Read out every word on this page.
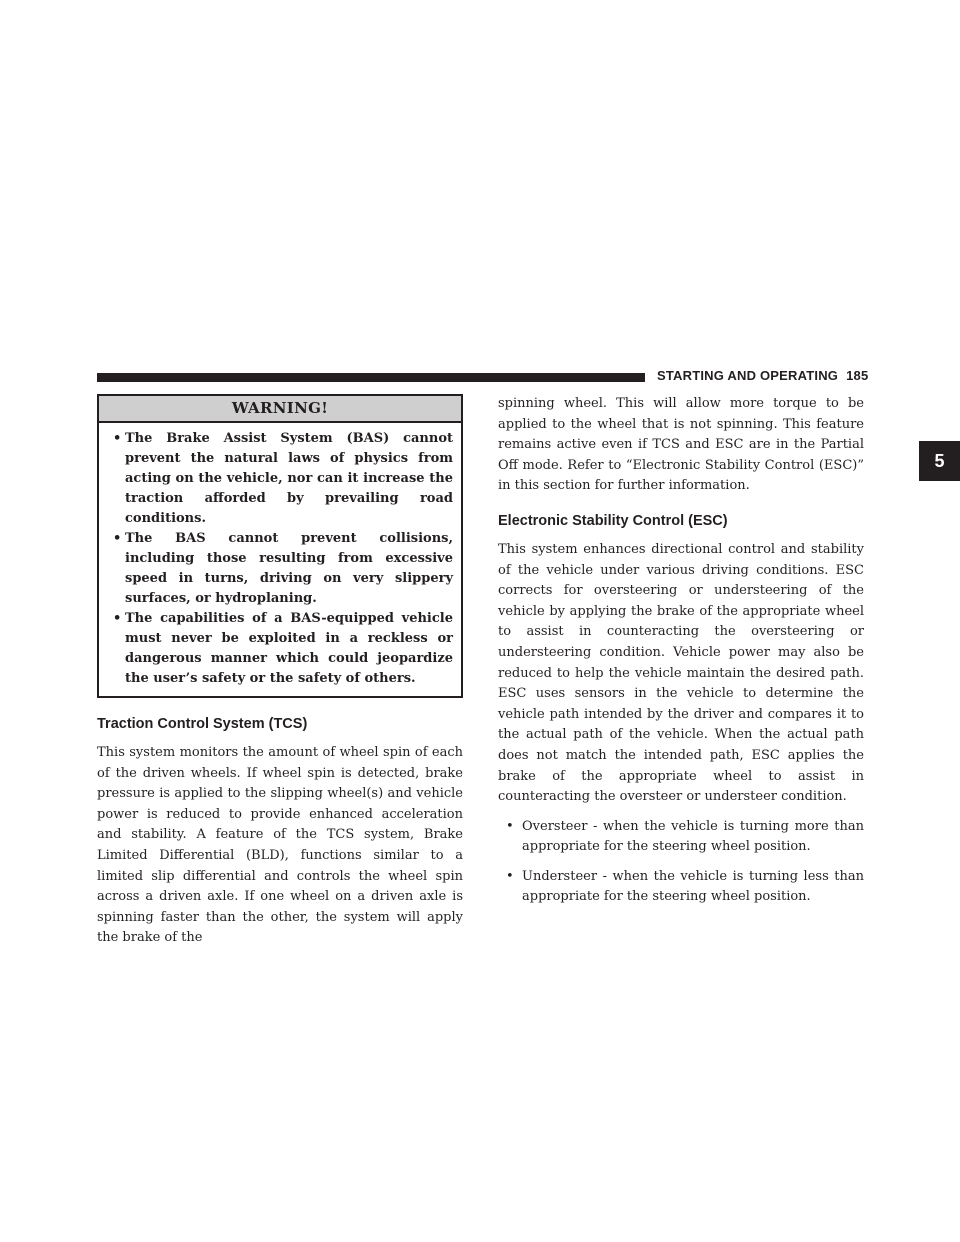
STARTING AND OPERATING 185
5
WARNING!
• The Brake Assist System (BAS) cannot prevent the natural laws of physics from acting on the vehicle, nor can it increase the traction afforded by prevailing road conditions.
• The BAS cannot prevent collisions, including those resulting from excessive speed in turns, driving on very slippery surfaces, or hydroplaning.
• The capabilities of a BAS-equipped vehicle must never be exploited in a reckless or dangerous manner which could jeopardize the user’s safety or the safety of others.
Traction Control System (TCS)

This system monitors the amount of wheel spin of each of the driven wheels. If wheel spin is detected, brake pressure is applied to the slipping wheel(s) and vehicle power is reduced to provide enhanced acceleration and stability. A feature of the TCS system, Brake Limited Differential (BLD), functions similar to a limited slip differential and controls the wheel spin across a driven axle. If one wheel on a driven axle is spinning faster than the other, the system will apply the brake of the

spinning wheel. This will allow more torque to be applied to the wheel that is not spinning. This feature remains active even if TCS and ESC are in the Partial Off mode. Refer to “Electronic Stability Control (ESC)” in this section for further information.

Electronic Stability Control (ESC)

This system enhances directional control and stability of the vehicle under various driving conditions. ESC corrects for oversteering or understeering of the vehicle by applying the brake of the appropriate wheel to assist in counteracting the oversteering or understeering condition. Vehicle power may also be reduced to help the vehicle maintain the desired path. ESC uses sensors in the vehicle to determine the vehicle path intended by the driver and compares it to the actual path of the vehicle. When the actual path does not match the intended path, ESC applies the brake of the appropriate wheel to assist in counteracting the oversteer or understeer condition.

• Oversteer - when the vehicle is turning more than appropriate for the steering wheel position.
• Understeer - when the vehicle is turning less than appropriate for the steering wheel position.
